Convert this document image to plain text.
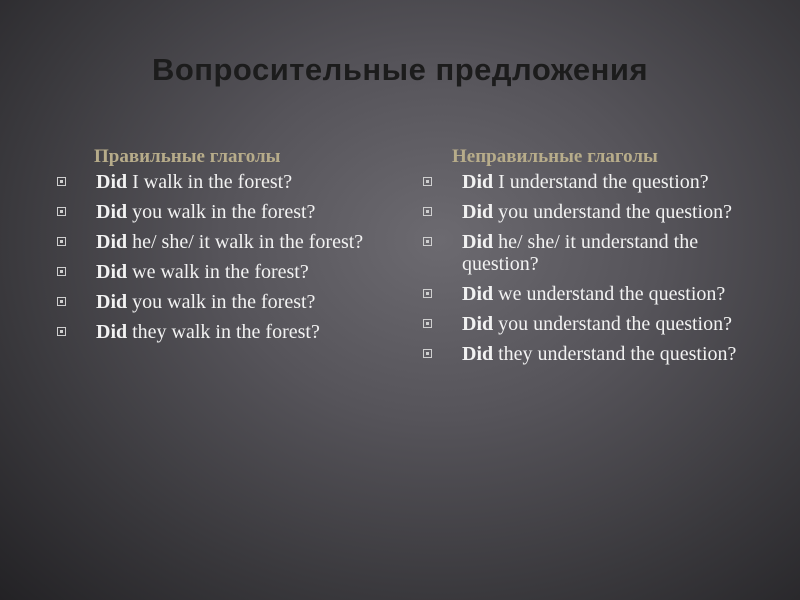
Вопросительные предложения
Правильные глаголы
Did I walk in the forest?
Did you walk in the forest?
Did he/ she/ it walk in the forest?
Did we walk in the forest?
Did you walk in the forest?
Did they walk in the forest?
Неправильные глаголы
Did I understand the question?
Did you understand the question?
Did he/ she/ it understand the question?
Did we understand the question?
Did you understand the question?
Did they understand the question?
